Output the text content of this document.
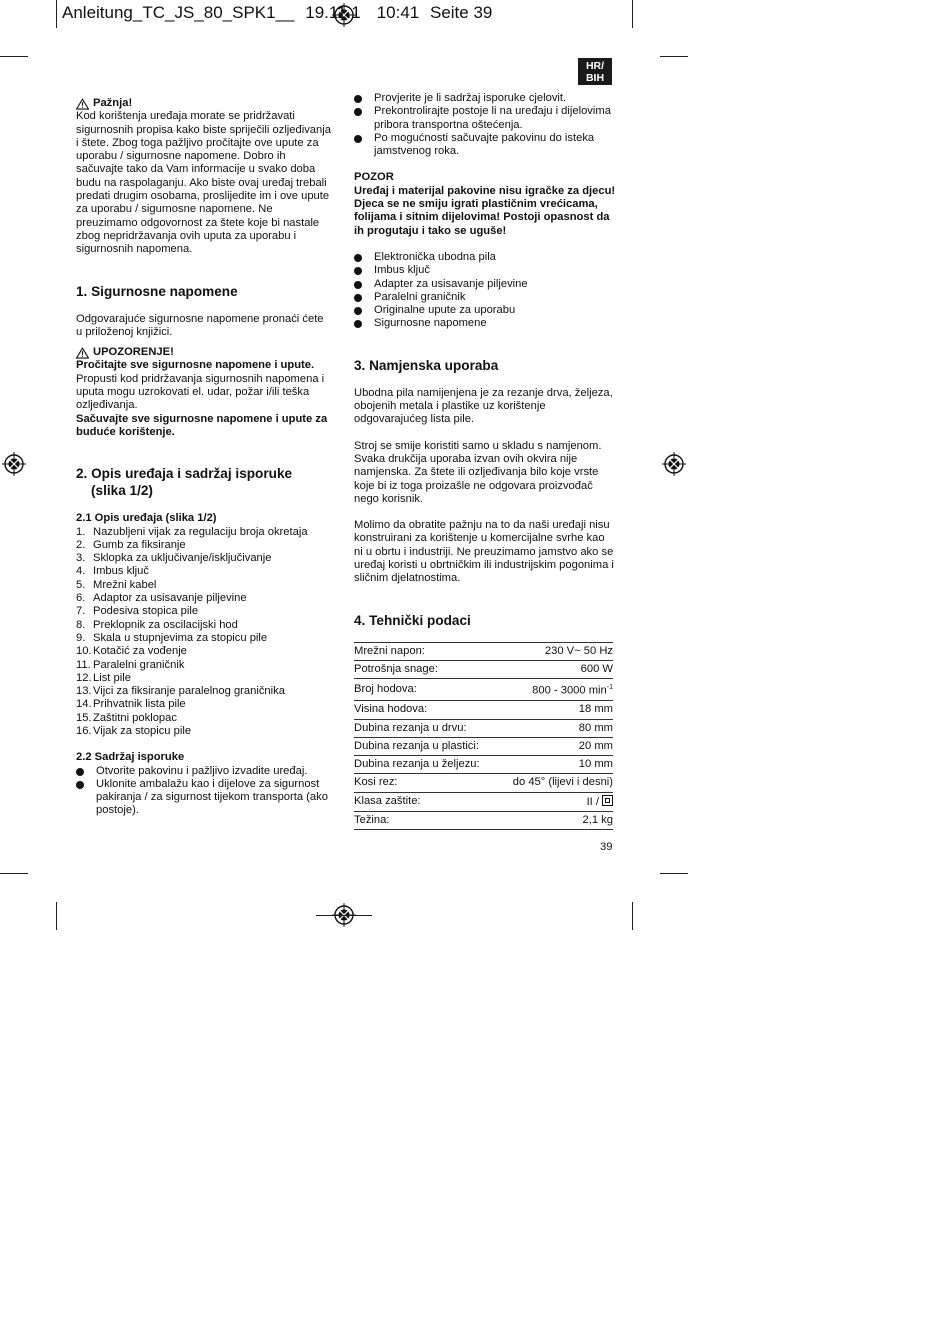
Anleitung_TC_JS_80_SPK1__ 19.11.1 10:41 Seite 39
HR/
BIH
Pažnja!

Kod korištenja uređaja morate se pridržavati sigurnosnih propisa kako biste spriječili ozljeđivanja i štete. Zbog toga pažljivo pročitajte ove upute za uporabu / sigurnosne napomene. Dobro ih sačuvajte tako da Vam informacije u svako doba budu na raspolaganju. Ako biste ovaj uređaj trebali predati drugim osobama, proslijedite im i ove upute za uporabu / sigurnosne napomene. Ne preuzimamo odgovornost za štete koje bi nastale zbog nepridržavanja ovih uputa za uporabu i sigurnosnih napomena.

1. Sigurnosne napomene

Odgovarajuće sigurnosne napomene pronaći ćete u priloženoj knjižici.

UPOZORENJE!

Pročitajte sve sigurnosne napomene i upute.

Propusti kod pridržavanja sigurnosnih napomena i uputa mogu uzrokovati el. udar, požar i/ili teška ozljeđivanja.

Sačuvajte sve sigurnosne napomene i upute za buduće korištenje.

2. Opis uređaja i sadržaj isporuke
(slika 1/2)

2.1 Opis uređaja (slika 1/2)

1. Nazubljeni vijak za regulaciju broja okretaja
2. Gumb za fiksiranje
3. Sklopka za uključivanje/isključivanje
4. Imbus ključ
5. Mrežni kabel
6. Adaptor za usisavanje piljevine
7. Podesiva stopica pile
8. Preklopnik za oscilacijski hod
9. Skala u stupnjevima za stopicu pile
10. Kotačić za vođenje
11. Paralelni graničnik
12. List pile
13. Vijci za fiksiranje paralelnog graničnika
14. Prihvatnik lista pile
15. Zaštitni poklopac
16. Vijak za stopicu pile

2.2 Sadržaj isporuke

Otvorite pakovinu i pažljivo izvadite uređaj.
Uklonite ambalažu kao i dijelove za sigurnost pakiranja / za sigurnost tijekom transporta (ako postoje).
Provjerite je li sadržaj isporuke cjelovit.
Prekontrolirajte postoje li na uređaju i dijelovima pribora transportna oštećenja.
Po mogućnosti sačuvajte pakovinu do isteka jamstvenog roka.

POZOR

Uređaj i materijal pakovine nisu igračke za djecu! Djeca se ne smiju igrati plastičnim vrećicama, folijama i sitnim dijelovima! Postoji opasnost da ih progutaju i tako se uguše!

Elektronička ubodna pila
Imbus ključ
Adapter za usisavanje piljevine
Paralelni graničnik
Originalne upute za uporabu
Sigurnosne napomene
3. Namjenska uporaba

Ubodna pila namijenjena je za rezanje drva, željeza, obojenih metala i plastike uz korištenje odgovarajućeg lista pile.

Stroj se smije koristiti samo u skladu s namjenom. Svaka drukčija uporaba izvan ovih okvira nije namjenska. Za štete ili ozljeđivanja bilo koje vrste koje bi iz toga proizašle ne odgovara proizvođač nego korisnik.

Molimo da obratite pažnju na to da naši uređaji nisu konstruirani za korištenje u komercijalne svrhe kao ni u obrtu i industriji. Ne preuzimamo jamstvo ako se uređaj koristi u obrtničkim ili industrijskim pogonima i sličnim djelatnostima.

4. Tehnički podaci
Mrežni napon:	230 V~ 50 Hz
Potrošnja snage:	600 W
Broj hodova:	800 - 3000 $\min^{-1}$
Visina hodova:	18 mm
Dubina rezanja u drvu:	80 mm
Dubina rezanja u plastici:	20 mm
Dubina rezanja u željezu:	10 mm
Kosi rez:	do 45° (lijevi i desni)
Klasa zaštite:	II /
Težina:	2,1 kg
39
